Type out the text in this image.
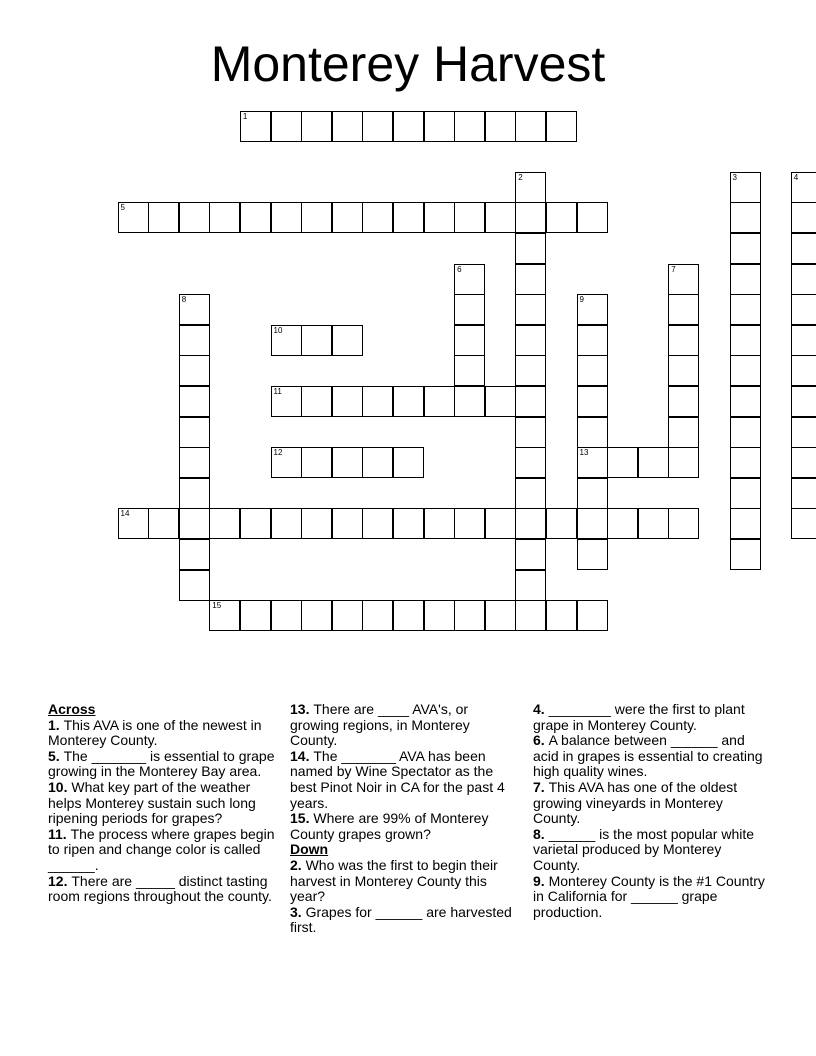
Monterey Harvest
1
2	3	4
5
6	7
8	9
13
10
11
12
14
15
Across
1. This AVA is one of the newest in Monterey County.
5. The _______ is essential to grape growing in the Monterey Bay area.
10. What key part of the weather helps Monterey sustain such long ripening periods for grapes?
11. The process where grapes begin to ripen and change color is called ______.
12. There are _____ distinct tasting room regions throughout the county.
13. There are ____ AVA's, or growing regions, in Monterey County.
14. The _______ AVA has been named by Wine Spectator as the best Pinot Noir in CA for the past 4 years.
15. Where are 99% of Monterey County grapes grown?
Down
2. Who was the first to begin their harvest in Monterey County this year?
3. Grapes for ______ are harvested first.
4. ________ were the first to plant grape in Monterey County.
6. A balance between ______ and acid in grapes is essential to creating high quality wines.
7. This AVA has one of the oldest growing vineyards in Monterey County.
8. ______ is the most popular white varietal produced by Monterey County.
9. Monterey County is the #1 Country in California for ______ grape production.
